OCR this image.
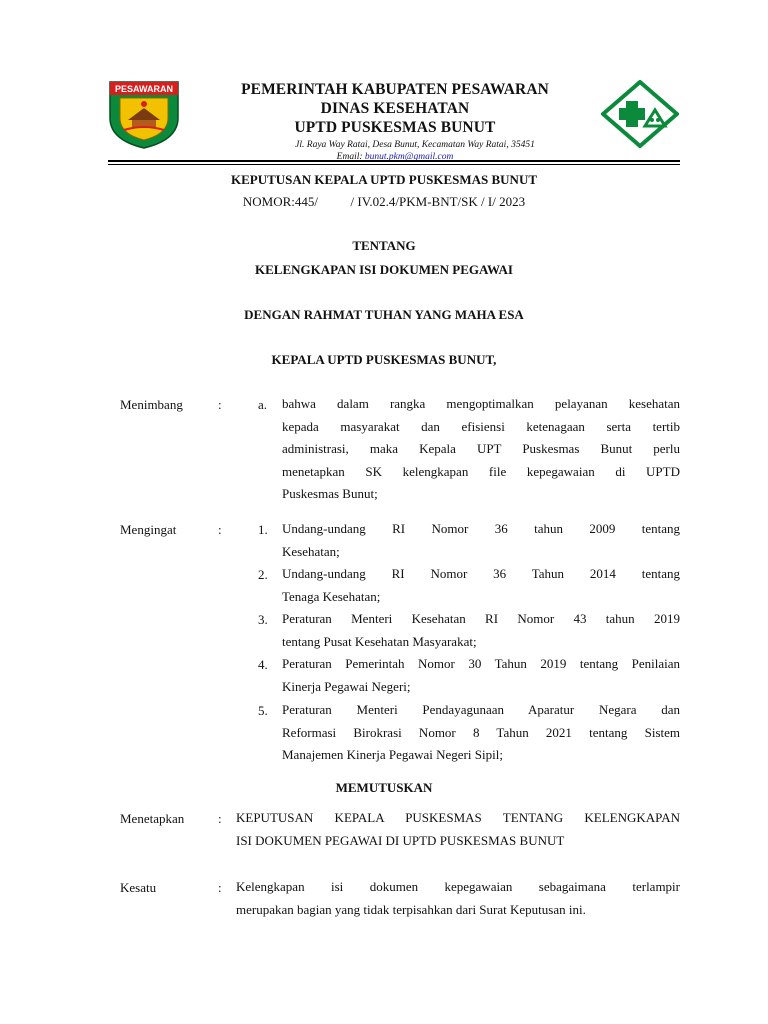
PESAWARAN	PEMERINTAH KABUPATEN PESAWARAN
DINAS KESEHATAN
UPTD PUSKESMAS BUNUT
Jl. Raya Way Ratai, Desa Bunut, Kecamatan Way Ratai, 35451
Email: bunut.pkm@gmail.com
KEPUTUSAN KEPALA UPTD PUSKESMAS BUNUT
NOMOR:445/          / IV.02.4/PKM-BNT/SK / I/ 2023
TENTANG
KELENGKAPAN ISI DOKUMEN PEGAWAI
DENGAN RAHMAT TUHAN YANG MAHA ESA
KEPALA UPTD PUSKESMAS BUNUT,
Menimbang	:	a. bahwa dalam rangka mengoptimalkan pelayanan kesehatan
kepada masyarakat dan efisiensi ketenagaan serta tertib
administrasi, maka Kepala UPT Puskesmas Bunut perlu
menetapkan SK kelengkapan file kepegawaian di UPTD
Puskesmas Bunut;
Mengingat	:	1. Undang-undang RI Nomor 36 tahun 2009 tentang
Kesehatan;
2. Undang-undang RI Nomor 36 Tahun 2014 tentang
Tenaga Kesehatan;
3. Peraturan Menteri Kesehatan RI Nomor 43 tahun 2019
tentang Pusat Kesehatan Masyarakat;
4. Peraturan Pemerintah Nomor 30 Tahun 2019 tentang Penilaian
Kinerja Pegawai Negeri;
5. Peraturan Menteri Pendayagunaan Aparatur Negara dan
Reformasi Birokrasi Nomor 8 Tahun 2021 tentang Sistem
Manajemen Kinerja Pegawai Negeri Sipil;
MEMUTUSKAN
Menetapkan	: KEPUTUSAN KEPALA PUSKESMAS TENTANG KELENGKAPAN
ISI DOKUMEN PEGAWAI DI UPTD PUSKESMAS BUNUT
Kesatu	: Kelengkapan isi dokumen kepegawaian sebagaimana terlampir
merupakan bagian yang tidak terpisahkan dari Surat Keputusan ini.
